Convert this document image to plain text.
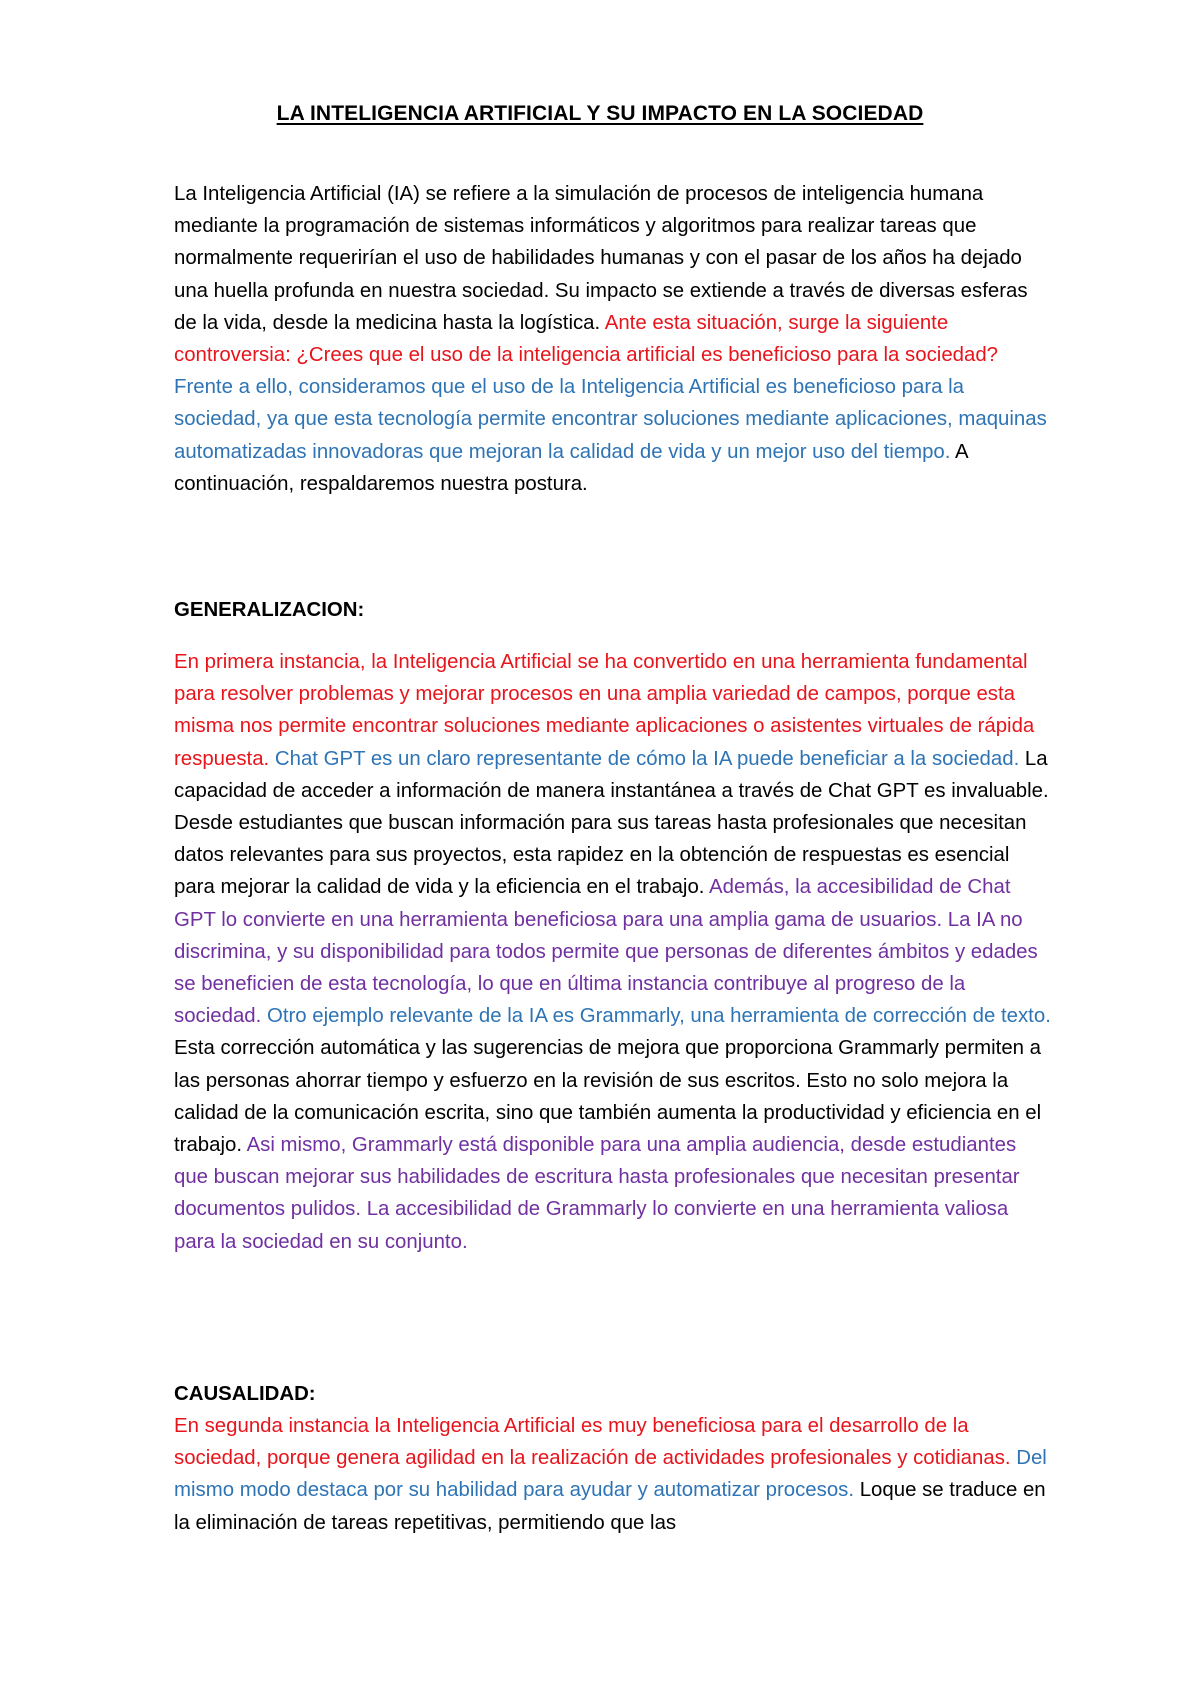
LA INTELIGENCIA ARTIFICIAL Y SU IMPACTO EN LA SOCIEDAD

La Inteligencia Artificial (IA) se refiere a la simulación de procesos de inteligencia humana mediante la programación de sistemas informáticos y algoritmos para realizar tareas que normalmente requerirían el uso de habilidades humanas y con el pasar de los años ha dejado una huella profunda en nuestra sociedad. Su impacto se extiende a través de diversas esferas de la vida, desde la medicina hasta la logística. Ante esta situación, surge la siguiente controversia: ¿Crees que el uso de la inteligencia artificial es beneficioso para la sociedad? Frente a ello, consideramos que el uso de la Inteligencia Artificial es beneficioso para la sociedad, ya que esta tecnología permite encontrar soluciones mediante aplicaciones, maquinas automatizadas innovadoras que mejoran la calidad de vida y un mejor uso del tiempo. A continuación, respaldaremos nuestra postura.

GENERALIZACION:

En primera instancia, la Inteligencia Artificial se ha convertido en una herramienta fundamental para resolver problemas y mejorar procesos en una amplia variedad de campos, porque esta misma nos permite encontrar soluciones mediante aplicaciones o asistentes virtuales de rápida respuesta. Chat GPT es un claro representante de cómo la IA puede beneficiar a la sociedad. La capacidad de acceder a información de manera instantánea a través de Chat GPT es invaluable. Desde estudiantes que buscan información para sus tareas hasta profesionales que necesitan datos relevantes para sus proyectos, esta rapidez en la obtención de respuestas es esencial para mejorar la calidad de vida y la eficiencia en el trabajo. Además, la accesibilidad de Chat GPT lo convierte en una herramienta beneficiosa para una amplia gama de usuarios. La IA no discrimina, y su disponibilidad para todos permite que personas de diferentes ámbitos y edades se beneficien de esta tecnología, lo que en última instancia contribuye al progreso de la sociedad. Otro ejemplo relevante de la IA es Grammarly, una herramienta de corrección de texto. Esta corrección automática y las sugerencias de mejora que proporciona Grammarly permiten a las personas ahorrar tiempo y esfuerzo en la revisión de sus escritos. Esto no solo mejora la calidad de la comunicación escrita, sino que también aumenta la productividad y eficiencia en el trabajo. Asi mismo, Grammarly está disponible para una amplia audiencia, desde estudiantes que buscan mejorar sus habilidades de escritura hasta profesionales que necesitan presentar documentos pulidos. La accesibilidad de Grammarly lo convierte en una herramienta valiosa para la sociedad en su conjunto.

CAUSALIDAD:

En segunda instancia la Inteligencia Artificial es muy beneficiosa para el desarrollo de la sociedad, porque genera agilidad en la realización de actividades profesionales y cotidianas. Del mismo modo destaca por su habilidad para ayudar y automatizar procesos. Loque se traduce en la eliminación de tareas repetitivas, permitiendo que las
